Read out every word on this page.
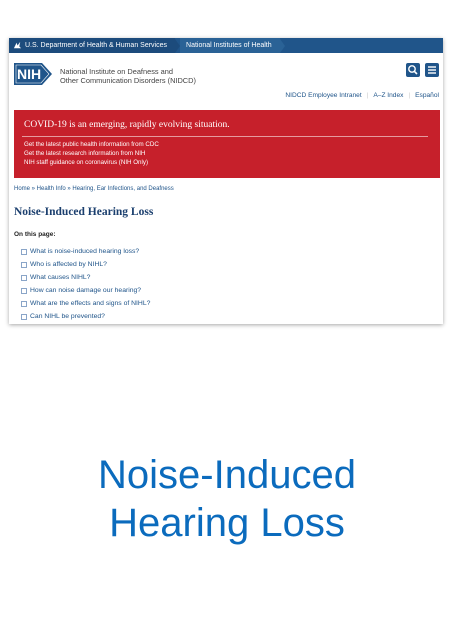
U.S. Department of Health & Human Services	National Institutes of Health
NIH	National Institute on Deafness and
Other Communication Disorders (NIDCD)
NIDCD Employee Intranet | A–Z Index | Español
COVID-19 is an emerging, rapidly evolving situation.
Get the latest public health information from CDC
Get the latest research information from NIH
NIH staff guidance on coronavirus (NIH Only)
Home » Health Info » Hearing, Ear Infections, and Deafness
Noise-Induced Hearing Loss
On this page:
What is noise-induced hearing loss?
Who is affected by NIHL?
What causes NIHL?
How can noise damage our hearing?
What are the effects and signs of NIHL?
Can NIHL be prevented?
Noise-Induced
Hearing Loss
